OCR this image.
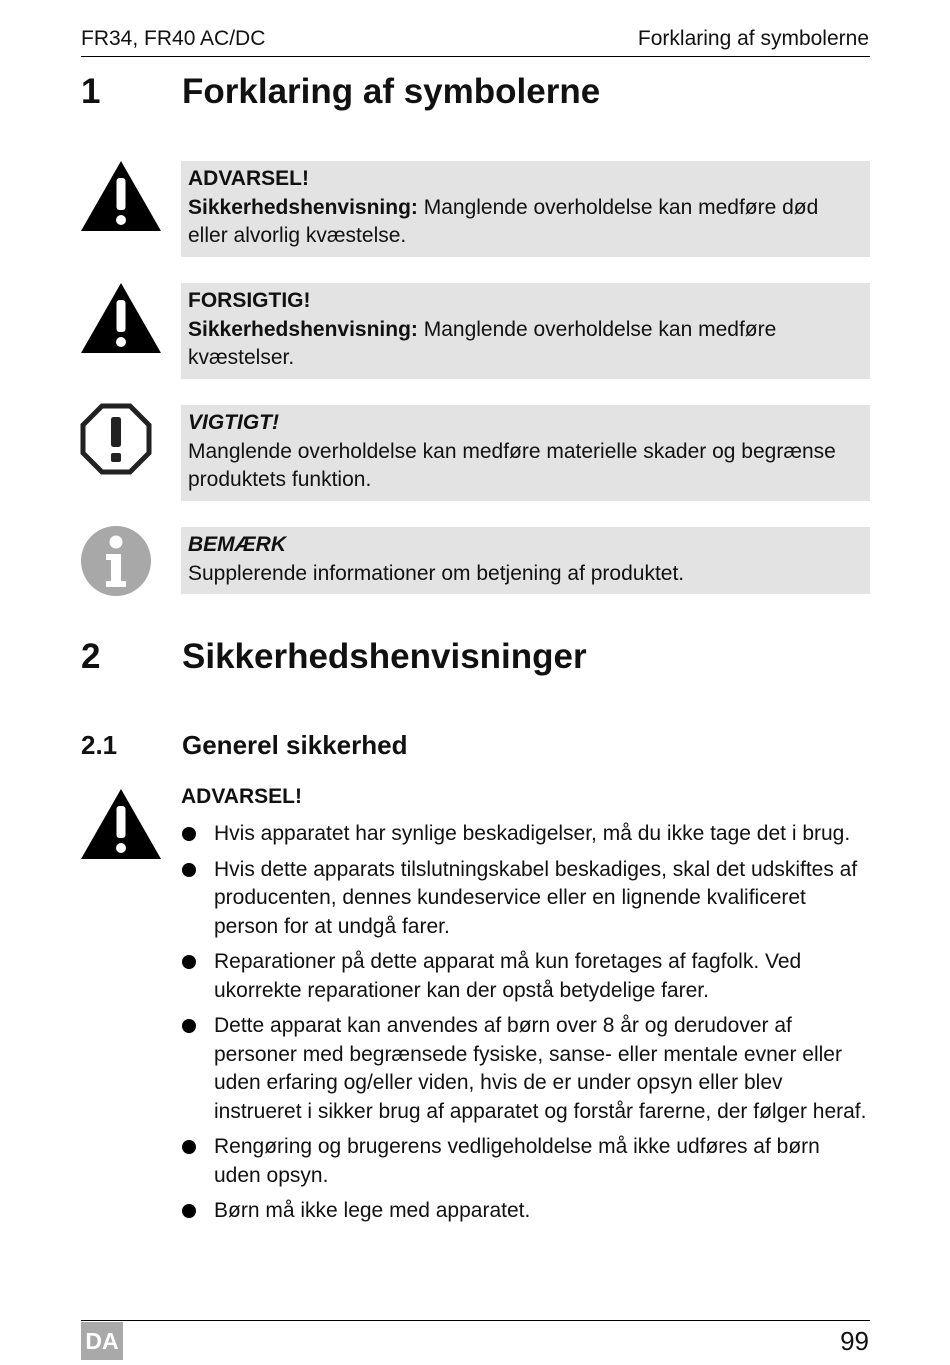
FR34, FR40 AC/DC	Forklaring af symbolerne
1 Forklaring af symbolerne
ADVARSEL!
Sikkerhedshenvisning: Manglende overholdelse kan medføre død eller alvorlig kvæstelse.
FORSIGTIG!
Sikkerhedshenvisning: Manglende overholdelse kan medføre kvæstelser.
VIGTIGT!
Manglende overholdelse kan medføre materielle skader og begrænse produktets funktion.
BEMÆRK
Supplerende informationer om betjening af produktet.
2 Sikkerhedshenvisninger
2.1 Generel sikkerhed
ADVARSEL!
Hvis apparatet har synlige beskadigelser, må du ikke tage det i brug.
Hvis dette apparats tilslutningskabel beskadiges, skal det udskiftes af producenten, dennes kundeservice eller en lignende kvalificeret person for at undgå farer.
Reparationer på dette apparat må kun foretages af fagfolk. Ved ukorrekte reparationer kan der opstå betydelige farer.
Dette apparat kan anvendes af børn over 8 år og derudover af personer med begrænsede fysiske, sanse- eller mentale evner eller uden erfaring og/eller viden, hvis de er under opsyn eller blev instrueret i sikker brug af apparatet og forstår farerne, der følger heraf.
Rengøring og brugerens vedligeholdelse må ikke udføres af børn uden opsyn.
Børn må ikke lege med apparatet.
DA	99
